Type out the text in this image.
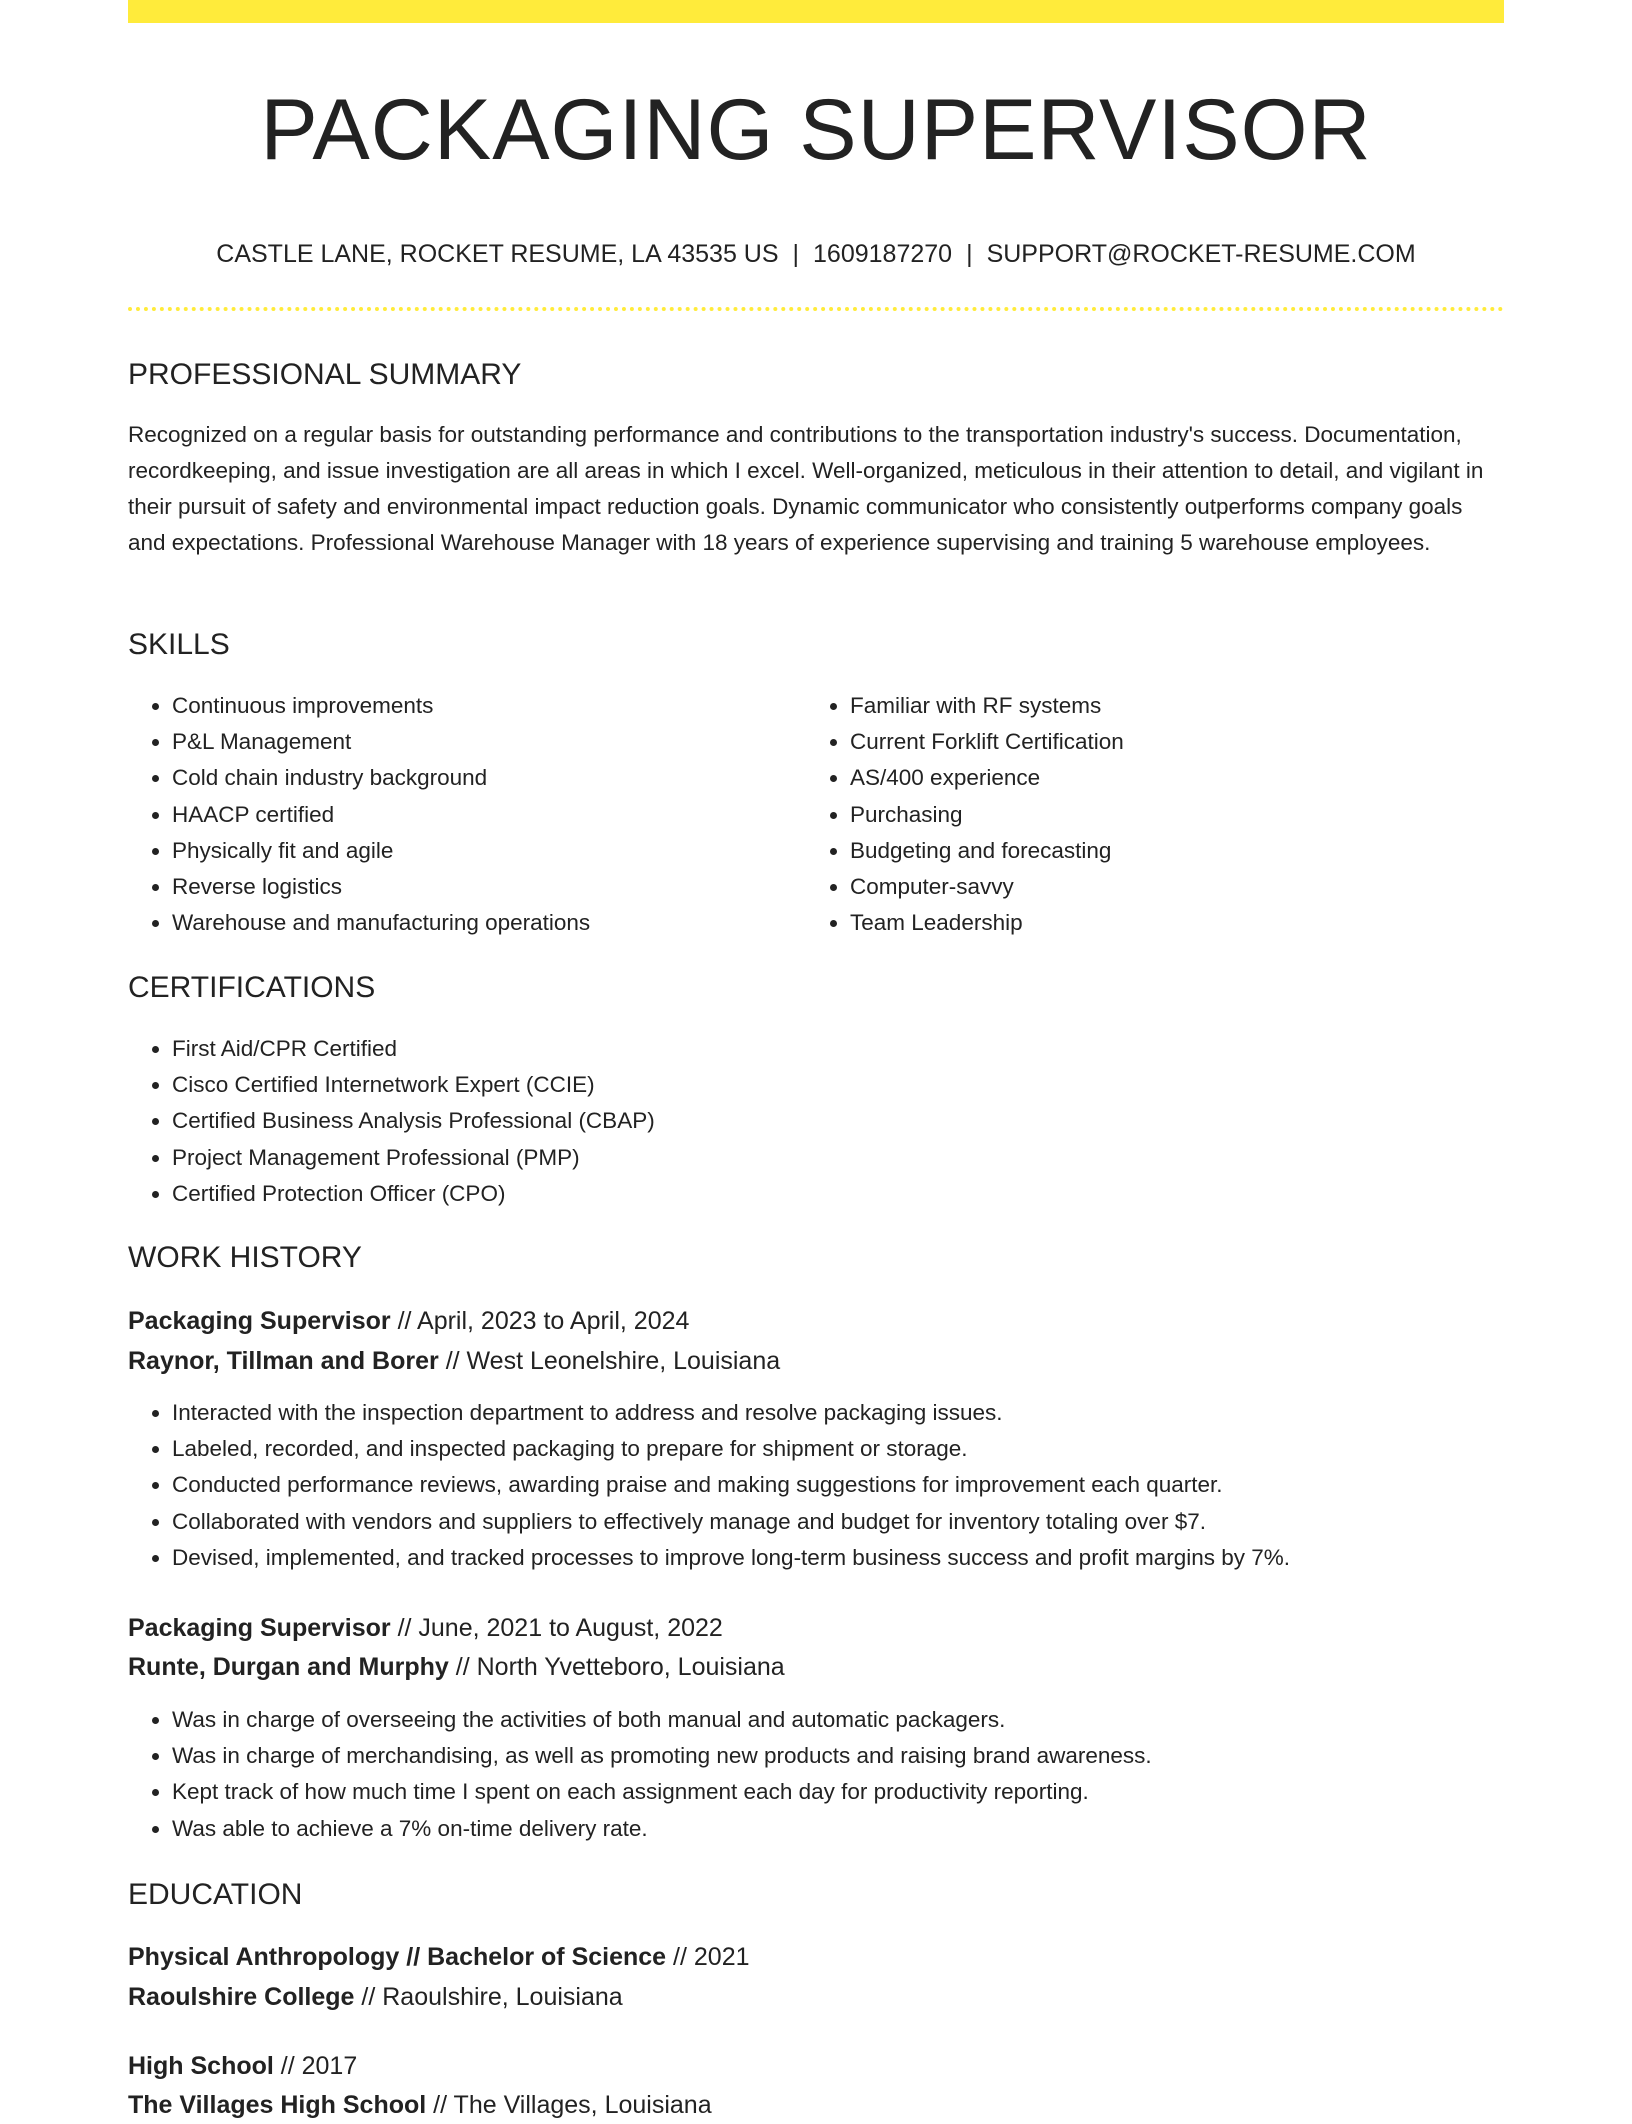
PACKAGING SUPERVISOR
CASTLE LANE, ROCKET RESUME, LA 43535 US | 1609187270 | SUPPORT@ROCKET-RESUME.COM
PROFESSIONAL SUMMARY

Recognized on a regular basis for outstanding performance and contributions to the transportation industry's success. Documentation, recordkeeping, and issue investigation are all areas in which I excel. Well-organized, meticulous in their attention to detail, and vigilant in their pursuit of safety and environmental impact reduction goals. Dynamic communicator who consistently outperforms company goals and expectations. Professional Warehouse Manager with 18 years of experience supervising and training 5 warehouse employees.

SKILLS
• Continuous improvements
• P&L Management
• Cold chain industry background
• HAACP certified
• Physically fit and agile
• Reverse logistics
• Warehouse and manufacturing operations
• Familiar with RF systems
• Current Forklift Certification
• AS/400 experience
• Purchasing
• Budgeting and forecasting
• Computer-savvy
• Team Leadership
CERTIFICATIONS
• First Aid/CPR Certified
• Cisco Certified Internetwork Expert (CCIE)
• Certified Business Analysis Professional (CBAP)
• Project Management Professional (PMP)
• Certified Protection Officer (CPO)
WORK HISTORY
Packaging Supervisor // April, 2023 to April, 2024
Raynor, Tillman and Borer // West Leonelshire, Louisiana
• Interacted with the inspection department to address and resolve packaging issues.
• Labeled, recorded, and inspected packaging to prepare for shipment or storage.
• Conducted performance reviews, awarding praise and making suggestions for improvement each quarter.
• Collaborated with vendors and suppliers to effectively manage and budget for inventory totaling over $7.
• Devised, implemented, and tracked processes to improve long-term business success and profit margins by 7%.
Packaging Supervisor // June, 2021 to August, 2022
Runte, Durgan and Murphy // North Yvetteboro, Louisiana
• Was in charge of overseeing the activities of both manual and automatic packagers.
• Was in charge of merchandising, as well as promoting new products and raising brand awareness.
• Kept track of how much time I spent on each assignment each day for productivity reporting.
• Was able to achieve a 7% on-time delivery rate.
EDUCATION
Physical Anthropology // Bachelor of Science // 2021
Raoulshire College // Raoulshire, Louisiana
High School // 2017
The Villages High School // The Villages, Louisiana
